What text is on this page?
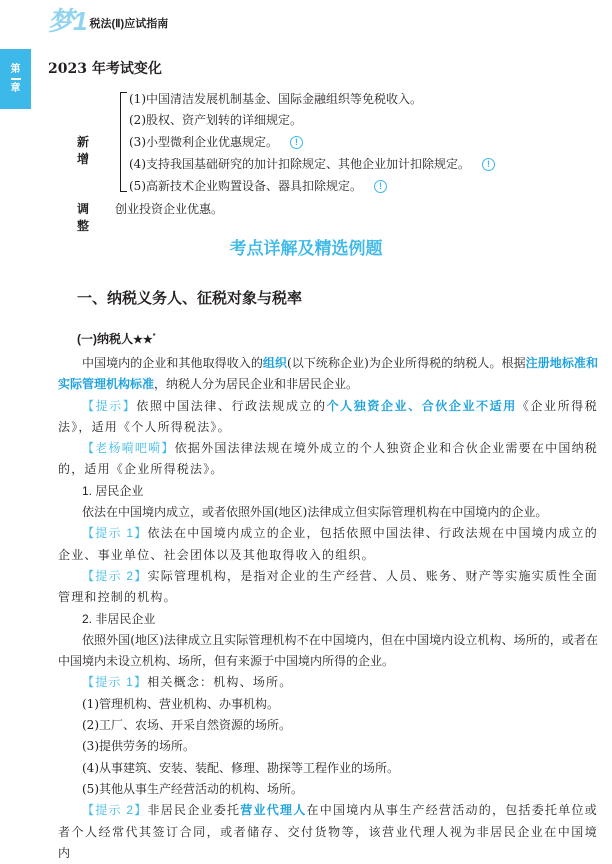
梦1 税法(Ⅱ)应试指南
第
章
2023 年考试变化
新增
(1)中国清洁发展机制基金、国际金融组织等免税收入。
(2)股权、资产划转的详细规定。
(3)小型微利企业优惠规定。 !
(4)支持我国基础研究的加计扣除规定、其他企业加计扣除规定。 !
(5)高新技术企业购置设备、器具扣除规定。 !
调整
创业投资企业优惠。
考点详解及精选例题
一、纳税义务人、征税对象与税率
(一)纳税人★★*

中国境内的企业和其他取得收入的组织(以下统称企业)为企业所得税的纳税人。根据注册地标准和实际管理机构标准，纳税人分为居民企业和非居民企业。

【提示】依照中国法律、行政法规成立的个人独资企业、合伙企业不适用《企业所得税法》，适用《个人所得税法》。

【老杨嗬吧嗬】依据外国法律法规在境外成立的个人独资企业和合伙企业需要在中国纳税的，适用《企业所得税法》。

1. 居民企业

依法在中国境内成立，或者依照外国(地区)法律成立但实际管理机构在中国境内的企业。

【提示 1】依法在中国境内成立的企业，包括依照中国法律、行政法规在中国境内成立的企业、事业单位、社会团体以及其他取得收入的组织。

【提示 2】实际管理机构，是指对企业的生产经营、人员、账务、财产等实施实质性全面管理和控制的机构。

2. 非居民企业

依照外国(地区)法律成立且实际管理机构不在中国境内，但在中国境内设立机构、场所的，或者在中国境内未设立机构、场所，但有来源于中国境内所得的企业。

【提示 1】相关概念：机构、场所。

(1)管理机构、营业机构、办事机构。

(2)工厂、农场、开采自然资源的场所。

(3)提供劳务的场所。

(4)从事建筑、安装、装配、修理、勘探等工程作业的场所。

(5)其他从事生产经营活动的机构、场所。

【提示 2】非居民企业委托营业代理人在中国境内从事生产经营活动的，包括委托单位或者个人经常代其签订合同，或者储存、交付货物等，该营业代理人视为非居民企业在中国境内
